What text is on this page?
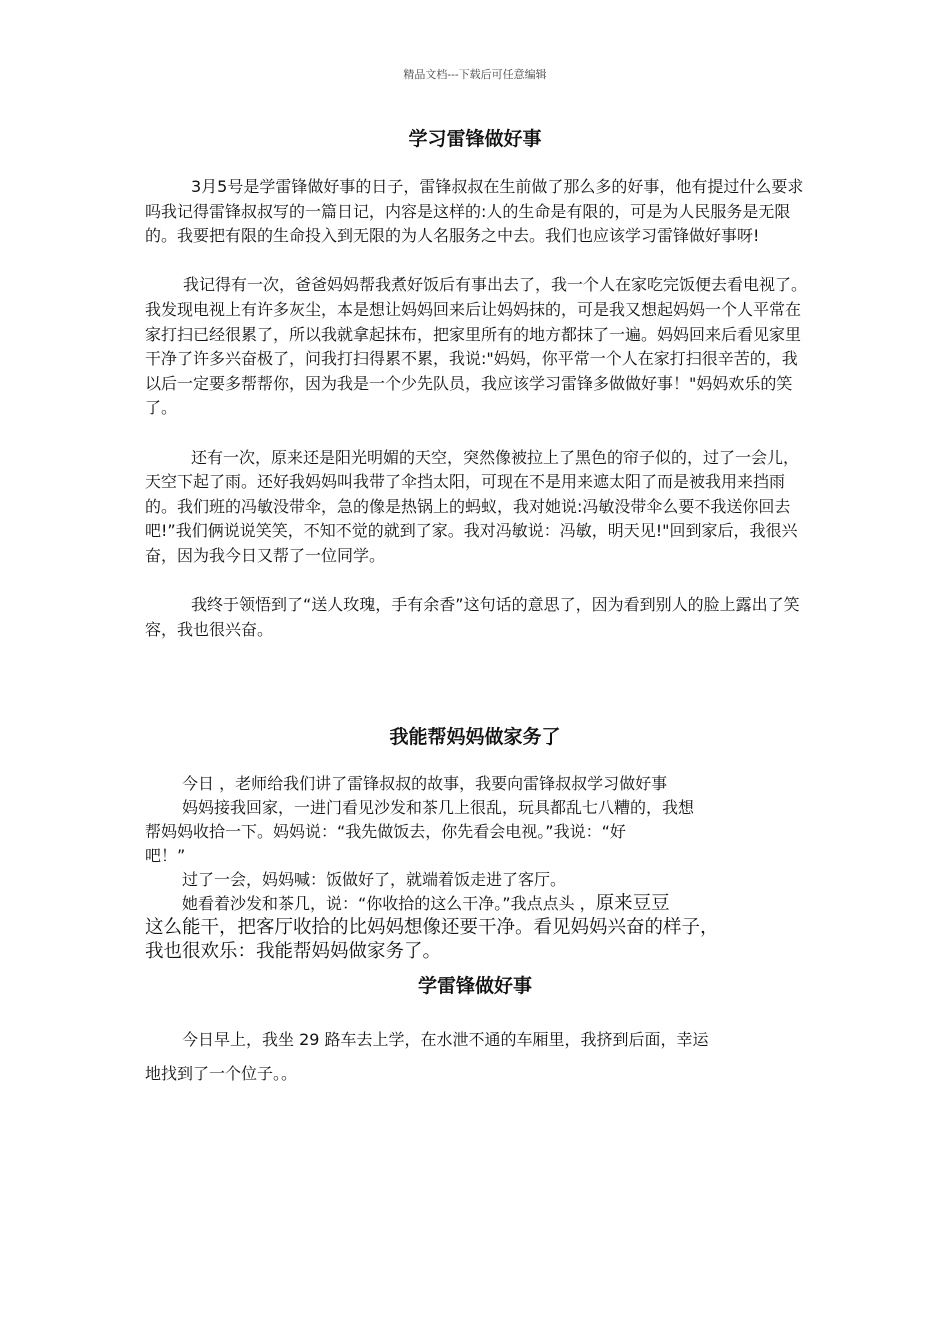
精品文档---下载后可任意编辑
学习雷锋做好事

3月5号是学雷锋做好事的日子，雷锋叔叔在生前做了那么多的好事，他有提过什么要求吗我记得雷锋叔叔写的一篇日记，内容是这样的:人的生命是有限的，可是为人民服务是无限的。我要把有限的生命投入到无限的为人名服务之中去。我们也应该学习雷锋做好事呀!

我记得有一次，爸爸妈妈帮我煮好饭后有事出去了，我一个人在家吃完饭便去看电视了。我发现电视上有许多灰尘，本是想让妈妈回来后让妈妈抹的，可是我又想起妈妈一个人平常在家打扫已经很累了，所以我就拿起抹布，把家里所有的地方都抹了一遍。妈妈回来后看见家里干净了许多兴奋极了，问我打扫得累不累，我说:"妈妈，你平常一个人在家打扫很辛苦的，我以后一定要多帮帮你，因为我是一个少先队员，我应该学习雷锋多做做好事！"妈妈欢乐的笑了。

还有一次，原来还是阳光明媚的天空，突然像被拉上了黑色的帘子似的，过了一会儿，天空下起了雨。还好我妈妈叫我带了伞挡太阳，可现在不是用来遮太阳了而是被我用来挡雨的。我们班的冯敏没带伞，急的像是热锅上的蚂蚁，我对她说:冯敏没带伞么要不我送你回去吧!”我们俩说说笑笑，不知不觉的就到了家。我对冯敏说：冯敏，明天见!"回到家后，我很兴奋，因为我今日又帮了一位同学。

我终于领悟到了“送人玫瑰，手有余香”这句话的意思了，因为看到别人的脸上露出了笑容，我也很兴奋。

我能帮妈妈做家务了
今日 ，老师给我们讲了雷锋叔叔的故事，我要向雷锋叔叔学习做好事
妈妈接我回家，一进门看见沙发和茶几上很乱，玩具都乱七八糟的，我想
帮妈妈收拾一下。妈妈说：“我先做饭去，你先看会电视。”我说：“好
吧！”
过了一会，妈妈喊：饭做好了，就端着饭走进了客厅。
她看着沙发和茶几，说：“你收拾的这么干净。”我点点头 ，原来豆豆
这么能干，把客厅收拾的比妈妈想像还要干净。看见妈妈兴奋的样子，
我也很欢乐：我能帮妈妈做家务了。
学雷锋做好事
今日早上，我坐 29 路车去上学，在水泄不通的车厢里，我挤到后面，幸运
地找到了一个位子。。
